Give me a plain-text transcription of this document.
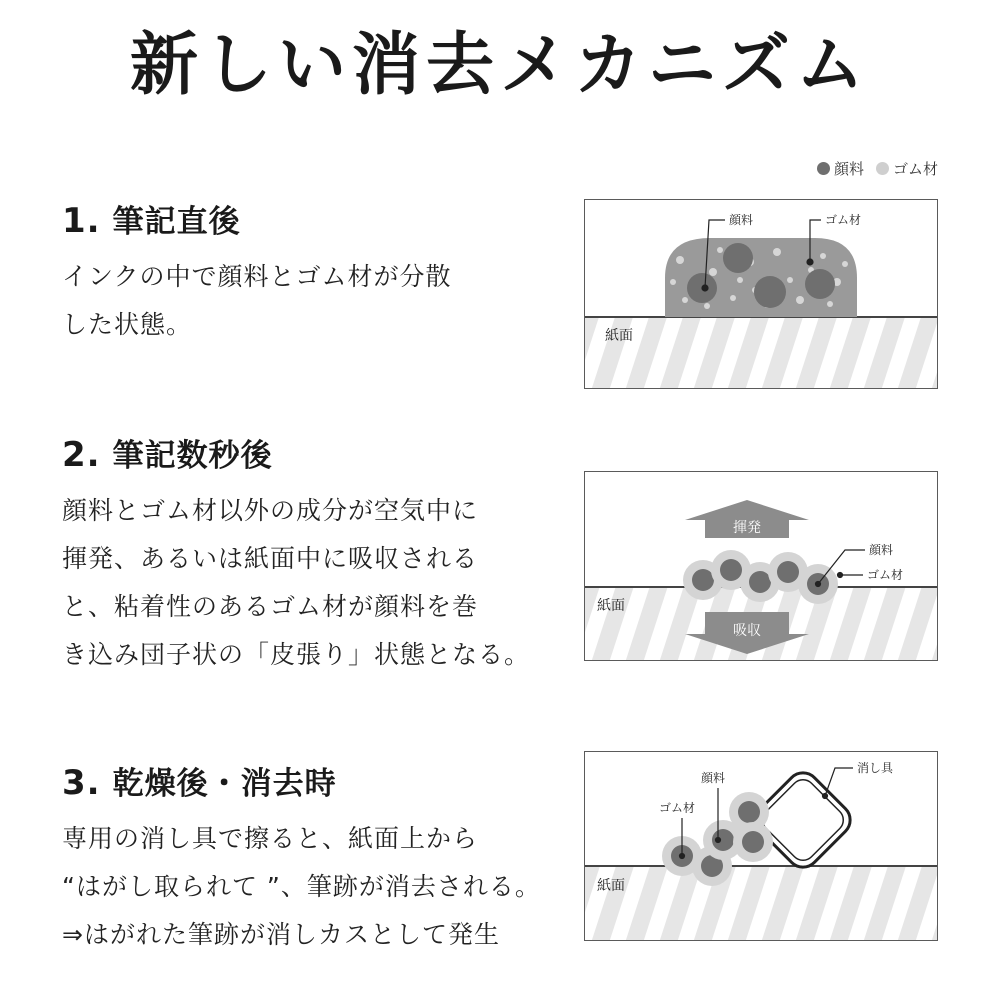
新しい消去メカニズム
顔料 ゴム材
1. 筆記直後
インクの中で顔料とゴム材が分散
した状態。
2. 筆記数秒後
顔料とゴム材以外の成分が空気中に
揮発、あるいは紙面中に吸収される
と、粘着性のあるゴム材が顔料を巻
き込み団子状の「皮張り」状態となる。
3. 乾燥後・消去時
専用の消し具で擦ると、紙面上から
“はがし取られて ”、筆跡が消去される。
⇒はがれた筆跡が消しカスとして発生
紙面
顔料	ゴム材
紙面
揮発
吸収
顔料
ゴム材
紙面
ゴム材
顔料
消し具
